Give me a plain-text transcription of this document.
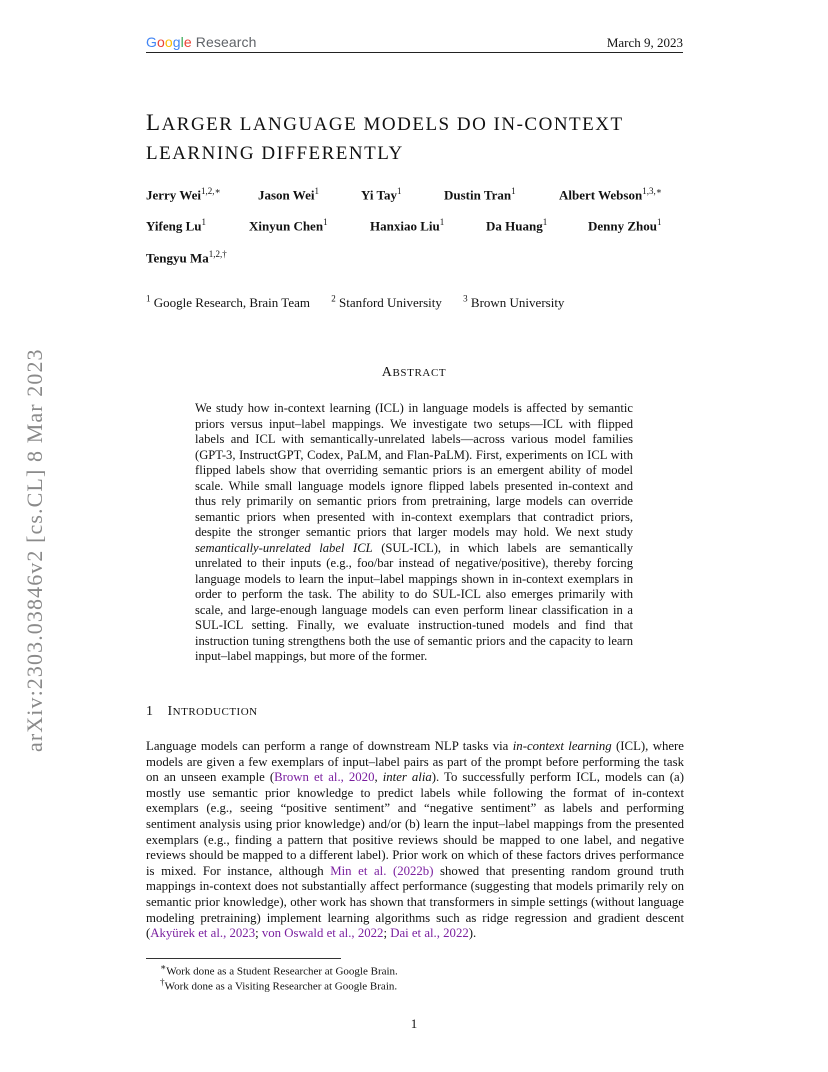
Google Research	March 9, 2023
arXiv:2303.03846v2 [cs.CL] 8 Mar 2023
LARGER LANGUAGE MODELS DO IN-CONTEXT
LEARNING DIFFERENTLY
Jerry Wei$^{1,2,∗}$	Jason Wei$^1$	Yi Tay$^1$	Dustin Tran$^1$	Albert Webson$^{1,3,∗}$
Yifeng Lu$^1$	Xinyun Chen$^1$	Hanxiao Liu$^1$	Da Huang$^1$	Denny Zhou$^1$
Tengyu $Ma^{1,2,\dagger}$
$^1$ Google Research, Brain Team $^2$ Stanford University $^3$ Brown University
ABSTRACT
We study how in-context learning (ICL) in language models is affected by semantic priors versus input–label mappings. We investigate two setups—ICL with flipped labels and ICL with semantically-unrelated labels—across various model families (GPT-3, InstructGPT, Codex, PaLM, and Flan-PaLM). First, experiments on ICL with flipped labels show that overriding semantic priors is an emergent ability of model scale. While small language models ignore flipped labels presented in-context and thus rely primarily on semantic priors from pretraining, large models can override semantic priors when presented with in-context exemplars that contradict priors, despite the stronger semantic priors that larger models may hold. We next study semantically-unrelated label ICL (SUL-ICL), in which labels are semantically unrelated to their inputs (e.g., foo/bar instead of negative/positive), thereby forcing language models to learn the input–label mappings shown in in-context exemplars in order to perform the task. The ability to do SUL-ICL also emerges primarily with scale, and large-enough language models can even perform linear classification in a SUL-ICL setting. Finally, we evaluate instruction-tuned models and find that instruction tuning strengthens both the use of semantic priors and the capacity to learn input–label mappings, but more of the former.
1 INTRODUCTION
Language models can perform a range of downstream NLP tasks via in-context learning (ICL), where models are given a few exemplars of input–label pairs as part of the prompt before performing the task on an unseen example (Brown et al., 2020, inter alia). To successfully perform ICL, models can (a) mostly use semantic prior knowledge to predict labels while following the format of in-context exemplars (e.g., seeing “positive sentiment” and “negative sentiment” as labels and performing sentiment analysis using prior knowledge) and/or (b) learn the input–label mappings from the presented exemplars (e.g., finding a pattern that positive reviews should be mapped to one label, and negative reviews should be mapped to a different label). Prior work on which of these factors drives performance is mixed. For instance, although Min et al. (2022b) showed that presenting random ground truth mappings in-context does not substantially affect performance (suggesting that models primarily rely on semantic prior knowledge), other work has shown that transformers in simple settings (without language modeling pretraining) implement learning algorithms such as ridge regression and gradient descent (Akyürek et al., 2023; von Oswald et al., 2022; Dai et al., 2022).
∗Work done as a Student Researcher at Google Brain.
†Work done as a Visiting Researcher at Google Brain.
1
